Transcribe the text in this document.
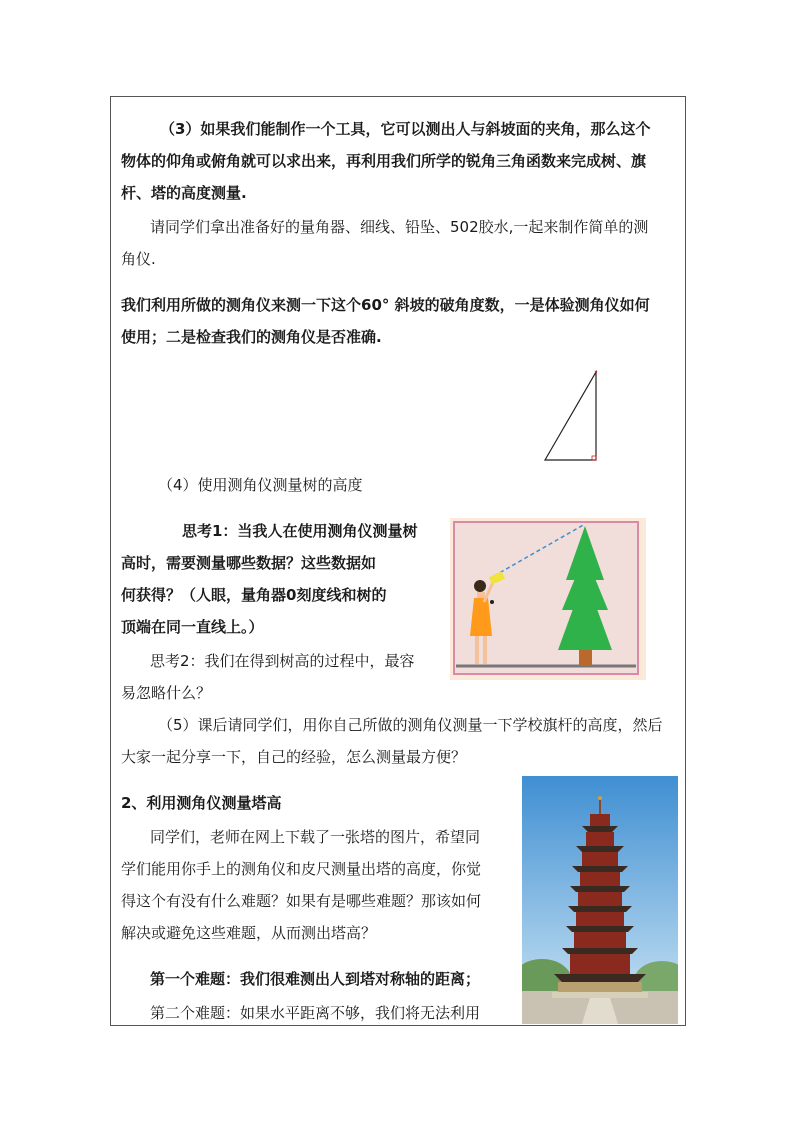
（3）如果我们能制作一个工具，它可以测出人与斜坡面的夹角，那么这个

物体的仰角或俯角就可以求出来，再利用我们所学的锐角三角函数来完成树、旗

杆、塔的高度测量.

请同学们拿出准备好的量角器、细线、铅坠、502胶水,一起来制作简单的测

角仪.

我们利用所做的测角仪来测一下这个60° 斜坡的破角度数，一是体验测角仪如何

使用；二是检查我们的测角仪是否准确.

（4）使用测角仪测量树的高度

思考1：当我人在使用测角仪测量树

高时，需要测量哪些数据？这些数据如

何获得？（人眼，量角器0刻度线和树的

顶端在同一直线上。）

思考2：我们在得到树高的过程中，最容

易忽略什么？

（5）课后请同学们，用你自己所做的测角仪测量一下学校旗杆的高度，然后

大家一起分享一下，自己的经验，怎么测量最方便？

2、利用测角仪测量塔高

同学们，老师在网上下载了一张塔的图片，希望同

学们能用你手上的测角仪和皮尺测量出塔的高度，你觉

得这个有没有什么难题？如果有是哪些难题？那该如何

解决或避免这些难题，从而测出塔高？

第一个难题：我们很难测出人到塔对称轴的距离；

第二个难题：如果水平距离不够，我们将无法利用
